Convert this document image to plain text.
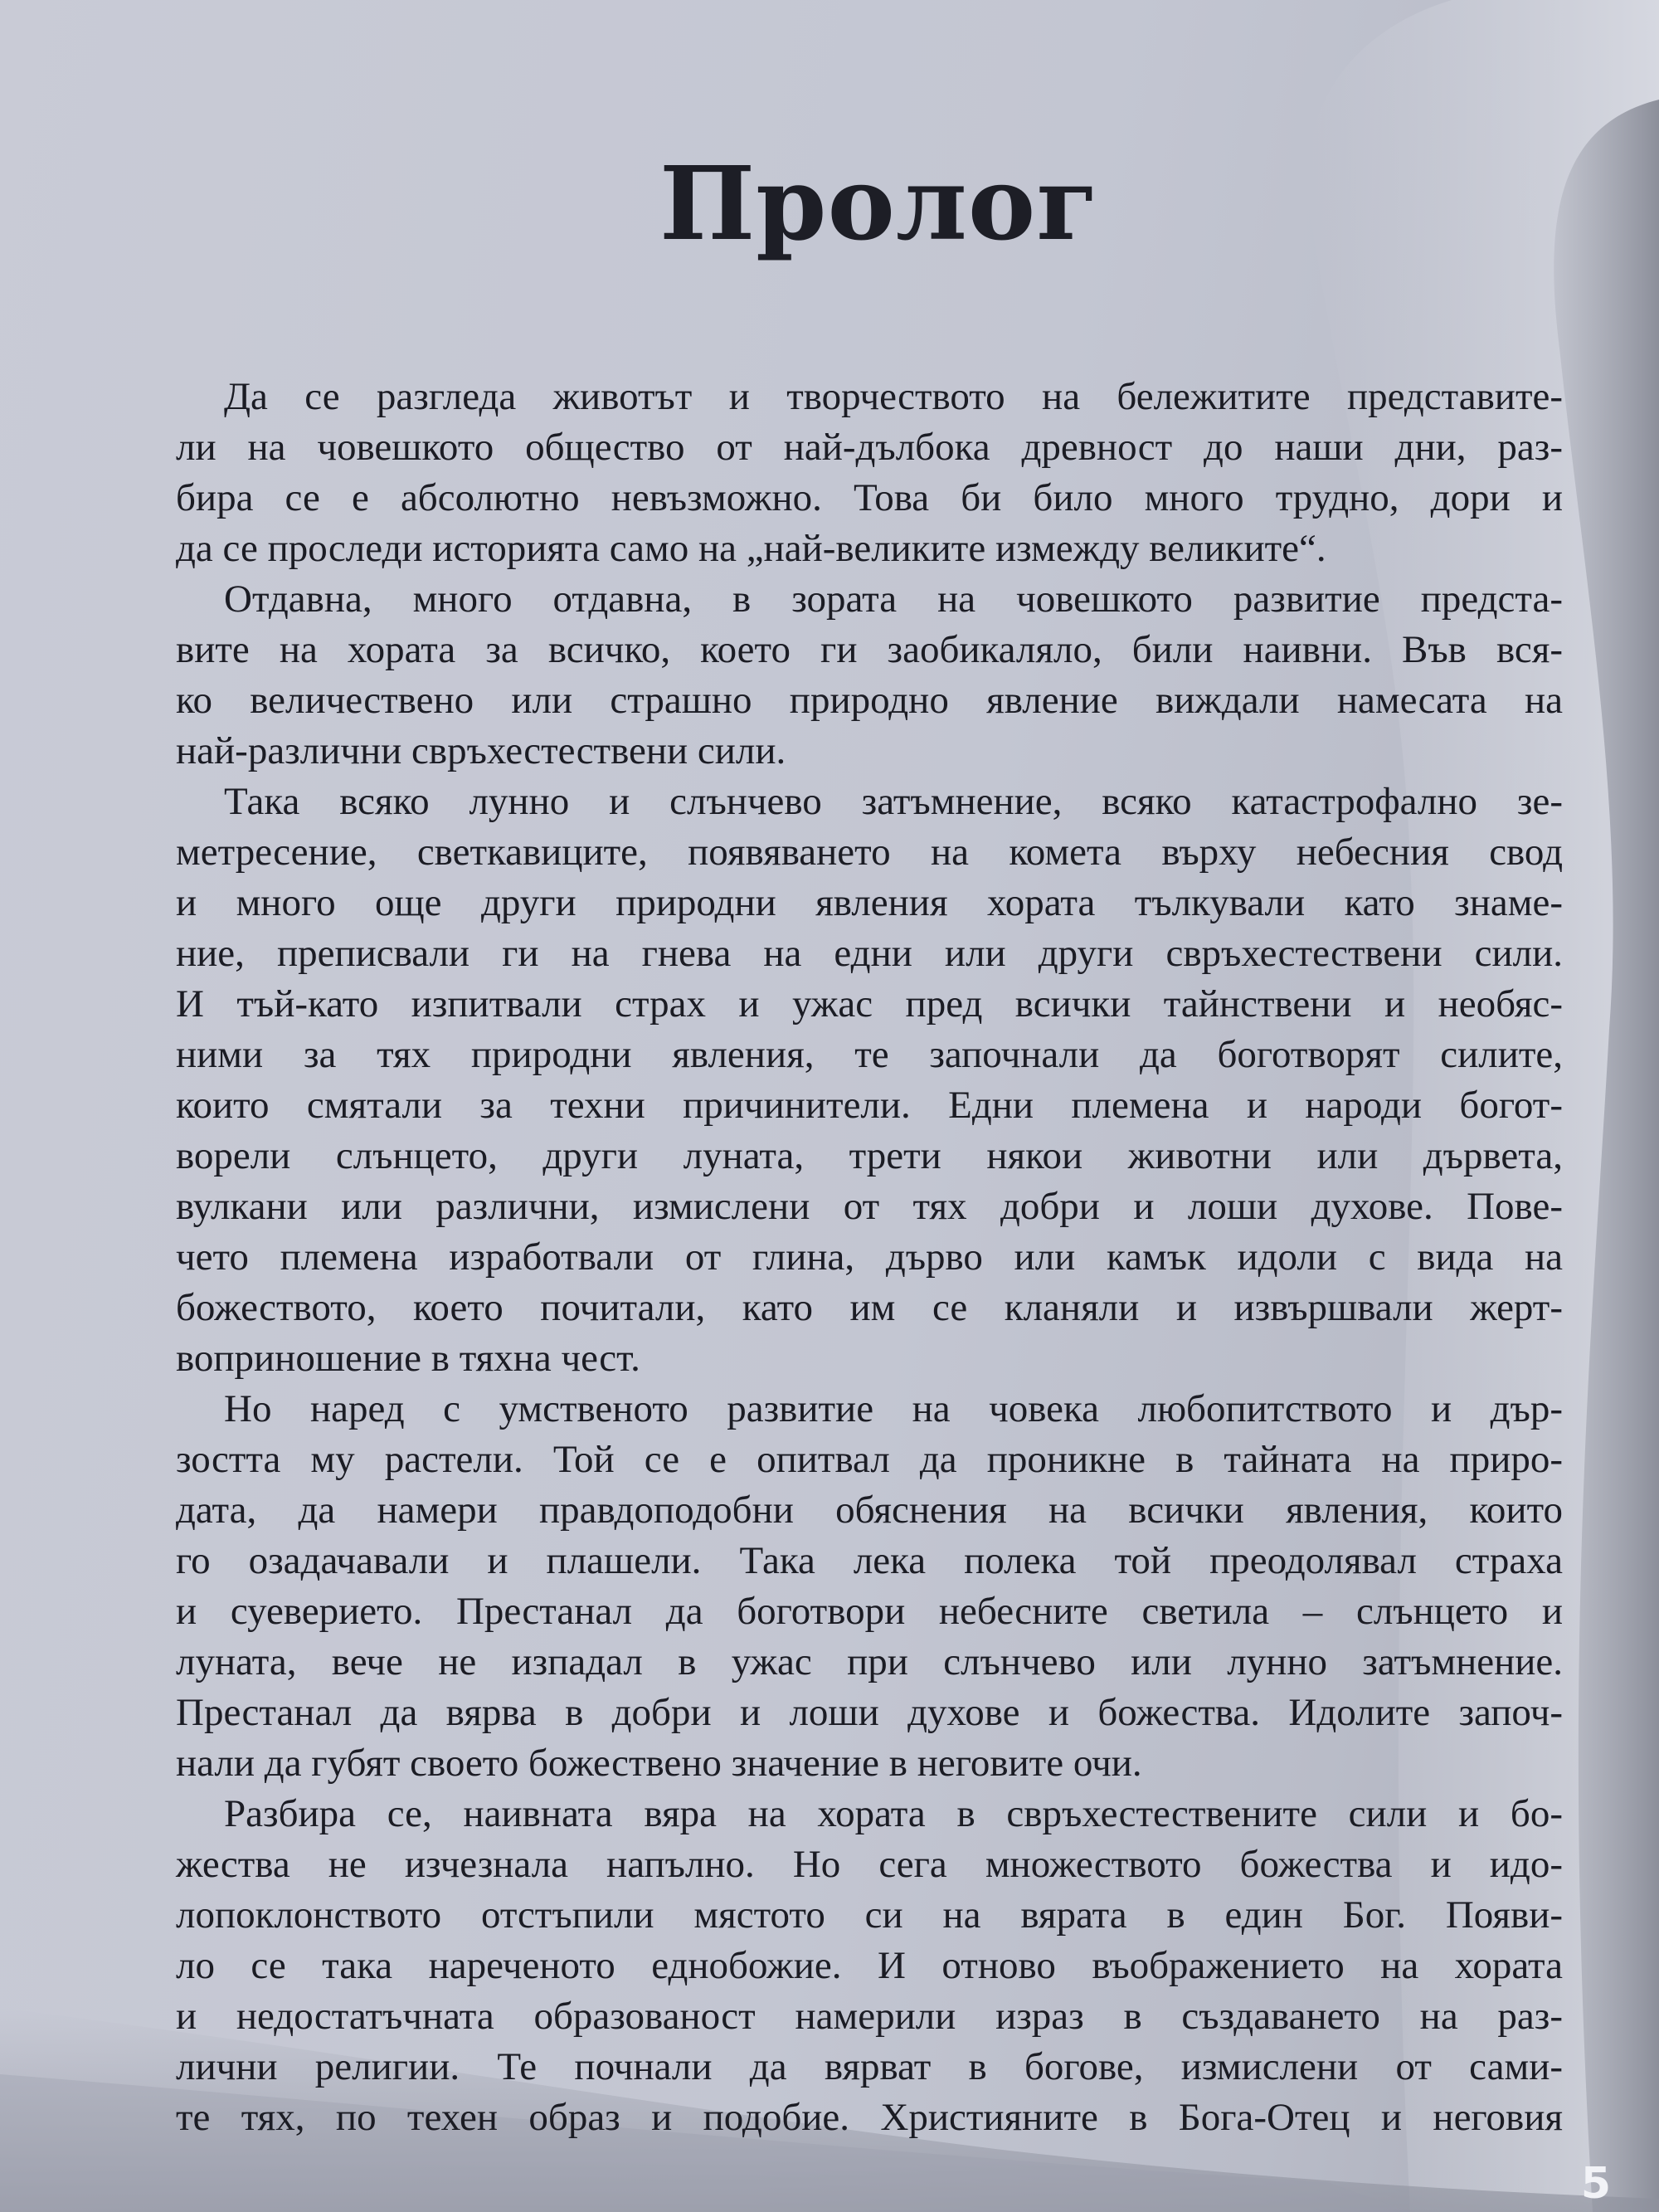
Пролог
Да се разгледа животът и творчеството на бележитите представите-
ли на човешкото общество от най-дълбока древност до наши дни, раз-
бира се е абсолютно невъзможно. Това би било много трудно, дори и
да се проследи историята само на „най-великите измежду великите“.
Отдавна, много отдавна, в зората на човешкото развитие предста-
вите на хората за всичко, което ги заобикаляло, били наивни. Във вся-
ко величествено или страшно природно явление виждали намесата на
най-различни свръхестествени сили.
Така всяко лунно и слънчево затъмнение, всяко катастрофално зе-
метресение, светкавиците, появяването на комета върху небесния свод
и много още други природни явления хората тълкували като знаме-
ние, преписвали ги на гнева на едни или други свръхестествени сили.
И тъй-като изпитвали страх и ужас пред всички тайнствени и необяс-
ними за тях природни явления, те започнали да боготворят силите,
които смятали за техни причинители. Едни племена и народи богот-
ворели слънцето, други луната, трети някои животни или дървета,
вулкани или различни, измислени от тях добри и лоши духове. Пове-
чето племена изработвали от глина, дърво или камък идоли с вида на
божеството, което почитали, като им се кланяли и извършвали жерт-
воприношение в тяхна чест.
Но наред с умственото развитие на човека любопитството и дър-
зостта му растели. Той се е опитвал да проникне в тайната на приро-
дата, да намери правдоподобни обяснения на всички явления, които
го озадачавали и плашели. Така лека полека той преодолявал страха
и суеверието. Престанал да боготвори небесните светила – слънцето и
луната, вече не изпадал в ужас при слънчево или лунно затъмнение.
Престанал да вярва в добри и лоши духове и божества. Идолите започ-
нали да губят своето божествено значение в неговите очи.
Разбира се, наивната вяра на хората в свръхестествените сили и бо-
жества не изчезнала напълно. Но сега множеството божества и идо-
лопоклонството отстъпили мястото си на вярата в един Бог. Появи-
ло се така нареченото еднобожие. И отново въображението на хората
и недостатъчната образованост намерили израз в създаването на раз-
лични религии. Те почнали да вярват в богове, измислени от сами-
те тях, по техен образ и подобие. Християните в Бога-Отец и неговия
5
